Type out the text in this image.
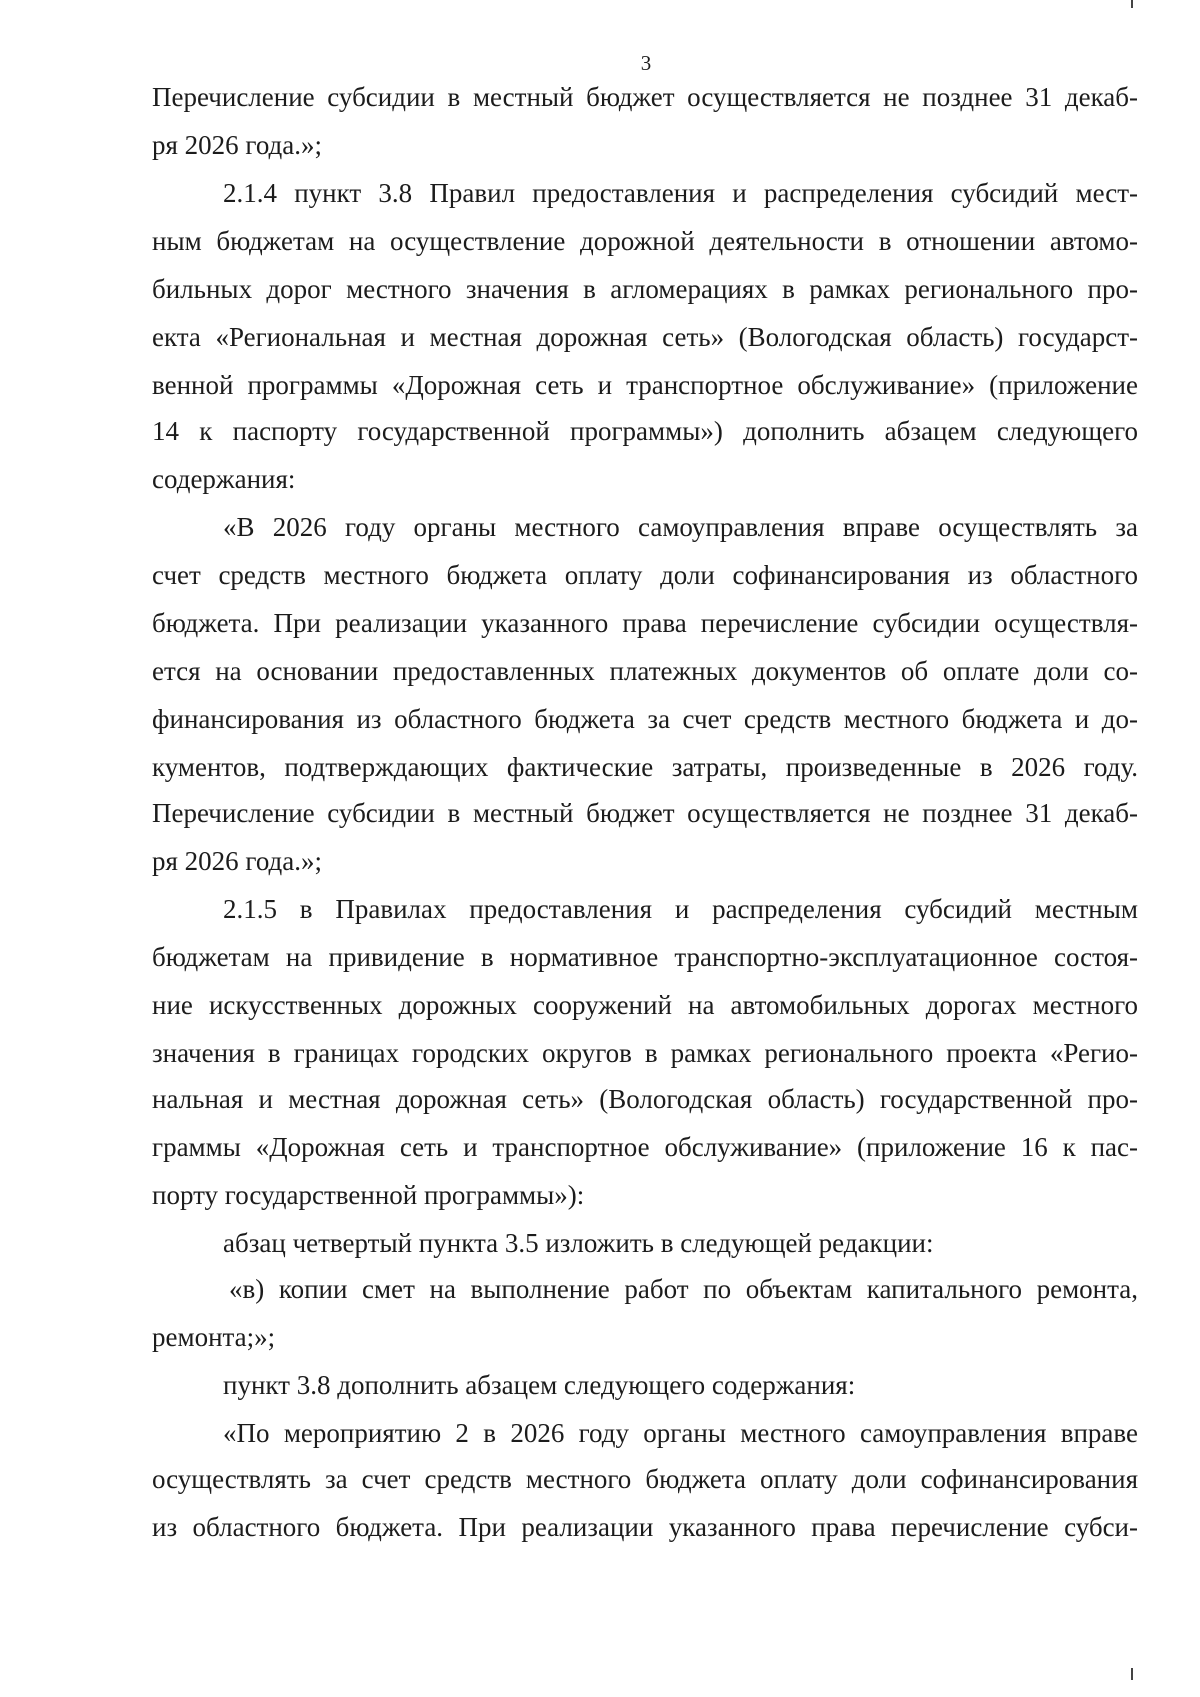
3
Перечисление субсидии в местный бюджет осуществляется не позднее 31 декаб-
ря 2026 года.»;
2.1.4 пункт 3.8 Правил предоставления и распределения субсидий мест-
ным бюджетам на осуществление дорожной деятельности в отношении автомо-
бильных дорог местного значения в агломерациях в рамках регионального про-
екта «Региональная и местная дорожная сеть» (Вологодская область) государст-
венной программы «Дорожная сеть и транспортное обслуживание» (приложение
14 к паспорту государственной программы») дополнить абзацем следующего
содержания:
«В 2026 году органы местного самоуправления вправе осуществлять за
счет средств местного бюджета оплату доли софинансирования из областного
бюджета. При реализации указанного права перечисление субсидии осуществля-
ется на основании предоставленных платежных документов об оплате доли со-
финансирования из областного бюджета за счет средств местного бюджета и до-
кументов, подтверждающих фактические затраты, произведенные в 2026 году.
Перечисление субсидии в местный бюджет осуществляется не позднее 31 декаб-
ря 2026 года.»;
2.1.5 в Правилах предоставления и распределения субсидий местным
бюджетам на привидение в нормативное транспортно-эксплуатационное состоя-
ние искусственных дорожных сооружений на автомобильных дорогах местного
значения в границах городских округов в рамках регионального проекта «Регио-
нальная и местная дорожная сеть» (Вологодская область) государственной про-
граммы «Дорожная сеть и транспортное обслуживание» (приложение 16 к пас-
порту государственной программы»):
абзац четвертый пункта 3.5 изложить в следующей редакции:
«в) копии смет на выполнение работ по объектам капитального ремонта,
ремонта;»;
пункт 3.8 дополнить абзацем следующего содержания:
«По мероприятию 2 в 2026 году органы местного самоуправления вправе
осуществлять за счет средств местного бюджета оплату доли софинансирования
из областного бюджета. При реализации указанного права перечисление субси-
